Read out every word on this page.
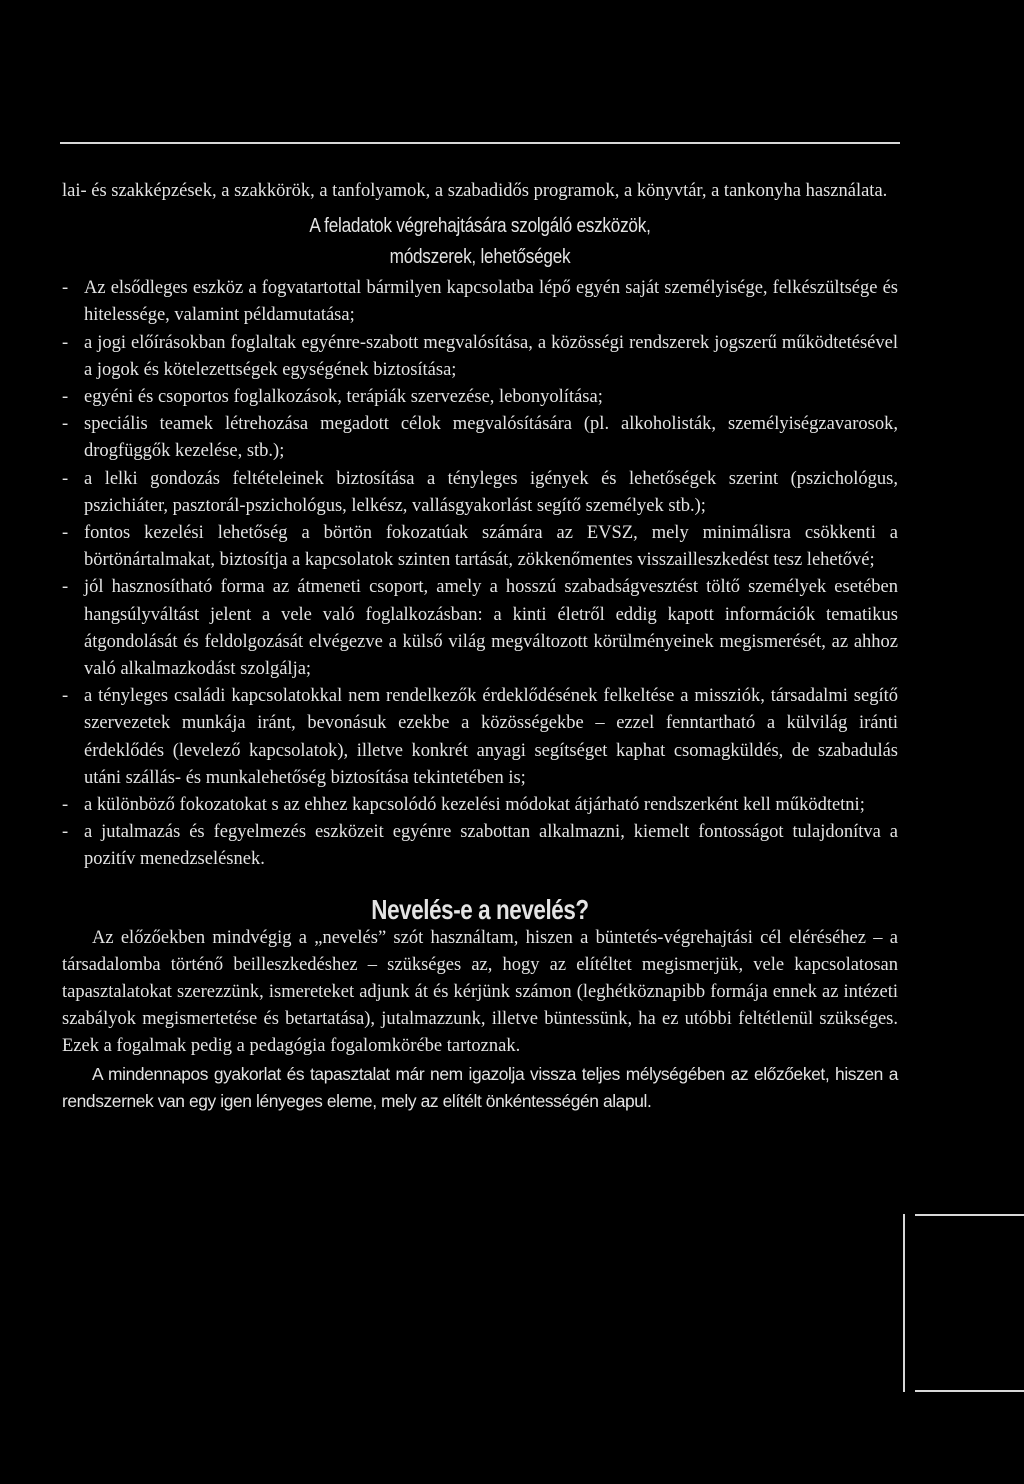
lai- és szakképzések, a szakkörök, a tanfolyamok, a szabadidős programok, a könyvtár, a tankonyha használata.

A feladatok végrehajtására szolgáló eszközök,
módszerek, lehetőségek
- Az elsődleges eszköz a fogvatartottal bármilyen kapcsolatba lépő egyén saját személyisége, felkészültsége és hitelessége, valamint példamutatása;
- a jogi előírásokban foglaltak egyénre-szabott megvalósítása, a közösségi rendszerek jogszerű működtetésével a jogok és kötelezettségek egységének biztosítása;
- egyéni és csoportos foglalkozások, terápiák szervezése, lebonyolítása;
- speciális teamek létrehozása megadott célok megvalósítására (pl. alkoholisták, személyiségzavarosok, drogfüggők kezelése, stb.);
- a lelki gondozás feltételeinek biztosítása a tényleges igények és lehetőségek szerint (pszichológus, pszichiáter, pasztorál-pszichológus, lelkész, vallásgyakorlást segítő személyek stb.);
- fontos kezelési lehetőség a börtön fokozatúak számára az EVSZ, mely minimálisra csökkenti a börtönártalmakat, biztosítja a kapcsolatok szinten tartását, zökkenőmentes visszailleszkedést tesz lehetővé;
- jól hasznosítható forma az átmeneti csoport, amely a hosszú szabadságvesztést töltő személyek esetében hangsúlyváltást jelent a vele való foglalkozásban: a kinti életről eddig kapott információk tematikus átgondolását és feldolgozását elvégezve a külső világ megváltozott körülményeinek megismerését, az ahhoz való alkalmazkodást szolgálja;
- a tényleges családi kapcsolatokkal nem rendelkezők érdeklődésének felkeltése a missziók, társadalmi segítő szervezetek munkája iránt, bevonásuk ezekbe a közösségekbe – ezzel fenntartható a külvilág iránti érdeklődés (levelező kapcsolatok), illetve konkrét anyagi segítséget kaphat csomagküldés, de szabadulás utáni szállás- és munkalehetőség biztosítása tekintetében is;
- a különböző fokozatokat s az ehhez kapcsolódó kezelési módokat átjárható rendszerként kell működtetni;
- a jutalmazás és fegyelmezés eszközeit egyénre szabottan alkalmazni, kiemelt fontosságot tulajdonítva a pozitív menedzselésnek.
Nevelés-e a nevelés?

Az előzőekben mindvégig a „nevelés” szót használtam, hiszen a büntetés-végrehajtási cél eléréséhez – a társadalomba történő beilleszkedéshez – szükséges az, hogy az elítéltet megismerjük, vele kapcsolatosan tapasztalatokat szerezzünk, ismereteket adjunk át és kérjünk számon (leghétköznapibb formája ennek az intézeti szabályok megismertetése és betartatása), jutalmazzunk, illetve büntessünk, ha ez utóbbi feltétlenül szükséges. Ezek a fogalmak pedig a pedagógia fogalomkörébe tartoznak.

A mindennapos gyakorlat és tapasztalat már nem igazolja vissza teljes mélységében az előzőeket, hiszen a rendszernek van egy igen lényeges eleme, mely az elítélt önkéntességén alapul.
